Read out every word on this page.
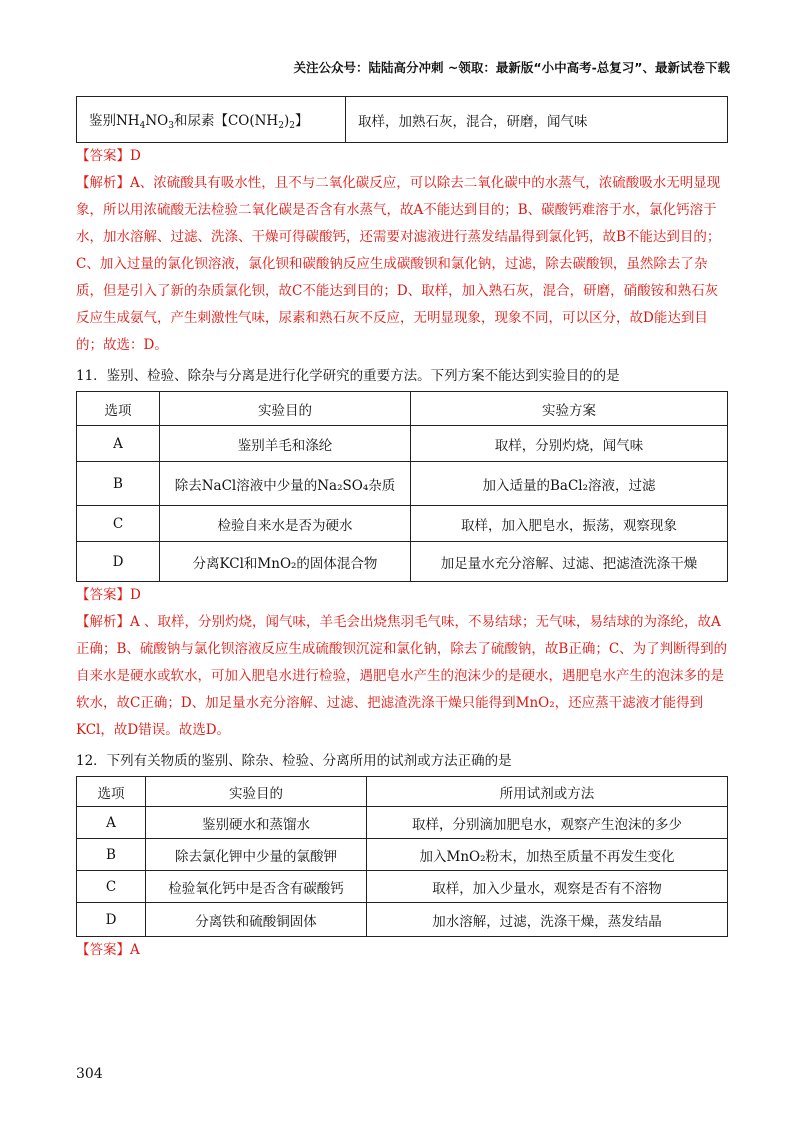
关注公众号：陆陆高分冲刺 ~领取：最新版“小中高考-总复习”、最新试卷下载
鉴别$NH_4NO_3$和尿素【$CO(NH_2)_2$】	取样，加熟石灰，混合，研磨，闻气味

【答案】D

【解析】A、浓硫酸具有吸水性，且不与二氧化碳反应，可以除去二氧化碳中的水蒸气，浓硫酸吸水无明显现象，所以用浓硫酸无法检验二氧化碳是否含有水蒸气，故A不能达到目的；B、碳酸钙难溶于水，氯化钙溶于水，加水溶解、过滤、洗涤、干燥可得碳酸钙，还需要对滤液进行蒸发结晶得到氯化钙，故B不能达到目的；C、加入过量的氯化钡溶液，氯化钡和碳酸钠反应生成碳酸钡和氯化钠，过滤，除去碳酸钡，虽然除去了杂质，但是引入了新的杂质氯化钡，故C不能达到目的；D、取样，加入熟石灰，混合，研磨，硝酸铵和熟石灰反应生成氨气，产生刺激性气味，尿素和熟石灰不反应，无明显现象，现象不同，可以区分，故D能达到目的；故选：D。

11．鉴别、检验、除杂与分离是进行化学研究的重要方法。下列方案不能达到实验目的的是
选项	实验目的	实验方案
A	鉴别羊毛和涤纶	取样，分别灼烧，闻气味
B	除去NaCl溶液中少量的Na₂SO₄杂质	加入适量的BaCl₂溶液，过滤
C	检验自来水是否为硬水	取样，加入肥皂水，振荡，观察现象
D	分离KCl和MnO₂的固体混合物	加足量水充分溶解、过滤、把滤渣洗涤干燥

【答案】D

【解析】A 、取样，分别灼烧，闻气味，羊毛会出烧焦羽毛气味，不易结球；无气味，易结球的为涤纶，故A正确；B、硫酸钠与氯化钡溶液反应生成硫酸钡沉淀和氯化钠，除去了硫酸钠，故B正确；C、为了判断得到的自来水是硬水或软水，可加入肥皂水进行检验，遇肥皂水产生的泡沫少的是硬水，遇肥皂水产生的泡沫多的是软水，故C正确；D、加足量水充分溶解、过滤、把滤渣洗涤干燥只能得到MnO₂，还应蒸干滤液才能得到KCl，故D错误。故选D。

12．下列有关物质的鉴别、除杂、检验、分离所用的试剂或方法正确的是
选项	实验目的	所用试剂或方法
A	鉴别硬水和蒸馏水	取样，分别滴加肥皂水，观察产生泡沫的多少
B	除去氯化钾中少量的氯酸钾	加入MnO₂粉末，加热至质量不再发生变化
C	检验氧化钙中是否含有碳酸钙	取样，加入少量水，观察是否有不溶物
D	分离铁和硫酸铜固体	加水溶解，过滤，洗涤干燥，蒸发结晶

【答案】A

304
